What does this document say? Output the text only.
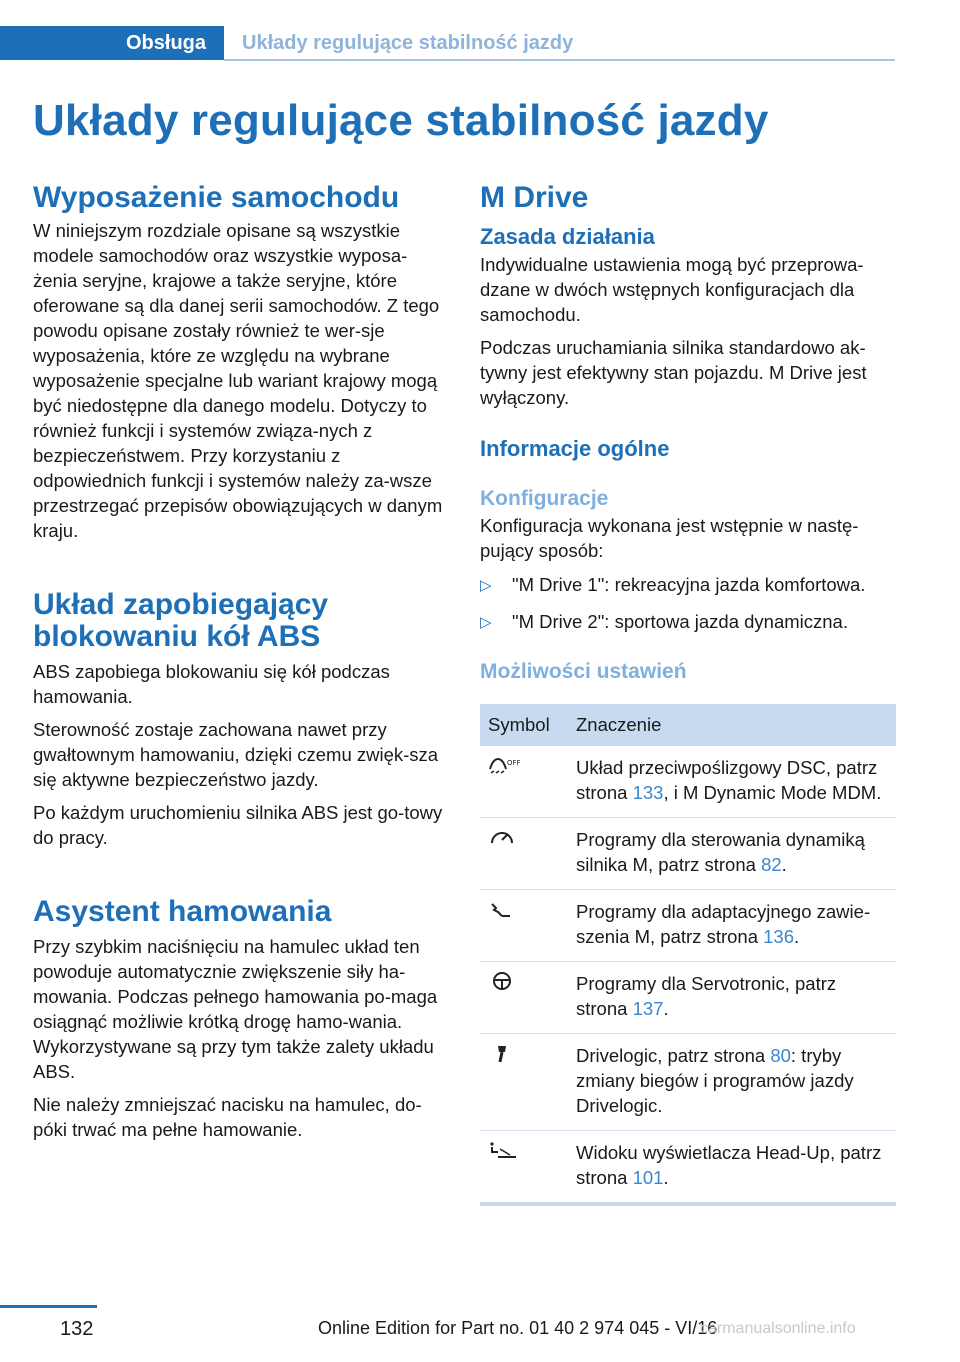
Obsługa Układy regulujące stabilność jazdy
Układy regulujące stabilność jazdy
Wyposażenie samochodu

W niniejszym rozdziale opisane są wszystkie modele samochodów oraz wszystkie wyposa-żenia seryjne, krajowe a także seryjne, które oferowane są dla danej serii samochodów. Z tego powodu opisane zostały również te wer-sje wyposażenia, które ze względu na wybrane wyposażenie specjalne lub wariant krajowy mogą być niedostępne dla danego modelu. Dotyczy to również funkcji i systemów związa-nych z bezpieczeństwem. Przy korzystaniu z odpowiednich funkcji i systemów należy za-wsze przestrzegać przepisów obowiązujących w danym kraju.

Układ zapobiegający blokowaniu kół ABS

ABS zapobiega blokowaniu się kół podczas hamowania.

Sterowność zostaje zachowana nawet przy gwałtownym hamowaniu, dzięki czemu zwięk-sza się aktywne bezpieczeństwo jazdy.

Po każdym uruchomieniu silnika ABS jest go-towy do pracy.

Asystent hamowania

Przy szybkim naciśnięciu na hamulec układ ten powoduje automatycznie zwiększenie siły ha-mowania. Podczas pełnego hamowania po-maga osiągnąć możliwie krótką drogę hamo-wania. Wykorzystywane są przy tym także zalety układu ABS.

Nie należy zmniejszać nacisku na hamulec, do-póki trwać ma pełne hamowanie.

M Drive
Zasada działania

Indywidualne ustawienia mogą być przeprowa-dzane w dwóch wstępnych konfiguracjach dla samochodu.

Podczas uruchamiania silnika standardowo ak-tywny jest efektywny stan pojazdu. M Drive jest wyłączony.

Informacje ogólne
Konfiguracje

Konfiguracja wykonana jest wstępnie w nastę-pujący sposób:

▷ "M Drive 1": rekreacyjna jazda komfortowa.
▷ "M Drive 2": sportowa jazda dynamiczna.
Możliwości ustawień
Symbol	Znaczenie

OFF	Układ przeciwpoślizgowy DSC, patrz strona 133, i M Dynamic Mode MDM.
	Programy dla sterowania dynamiką silnika M, patrz strona 82.
	Programy dla adaptacyjnego zawie-szenia M, patrz strona 136.
	Programy dla Servotronic, patrz strona 137.
	Drivelogic, patrz strona 80: tryby zmiany biegów i programów jazdy Drivelogic.
	Widoku wyświetlacza Head-Up, patrz strona 101.
132	Online Edition for Part no. 01 40 2 974 045 - VI/16
carmanualsonline.info
